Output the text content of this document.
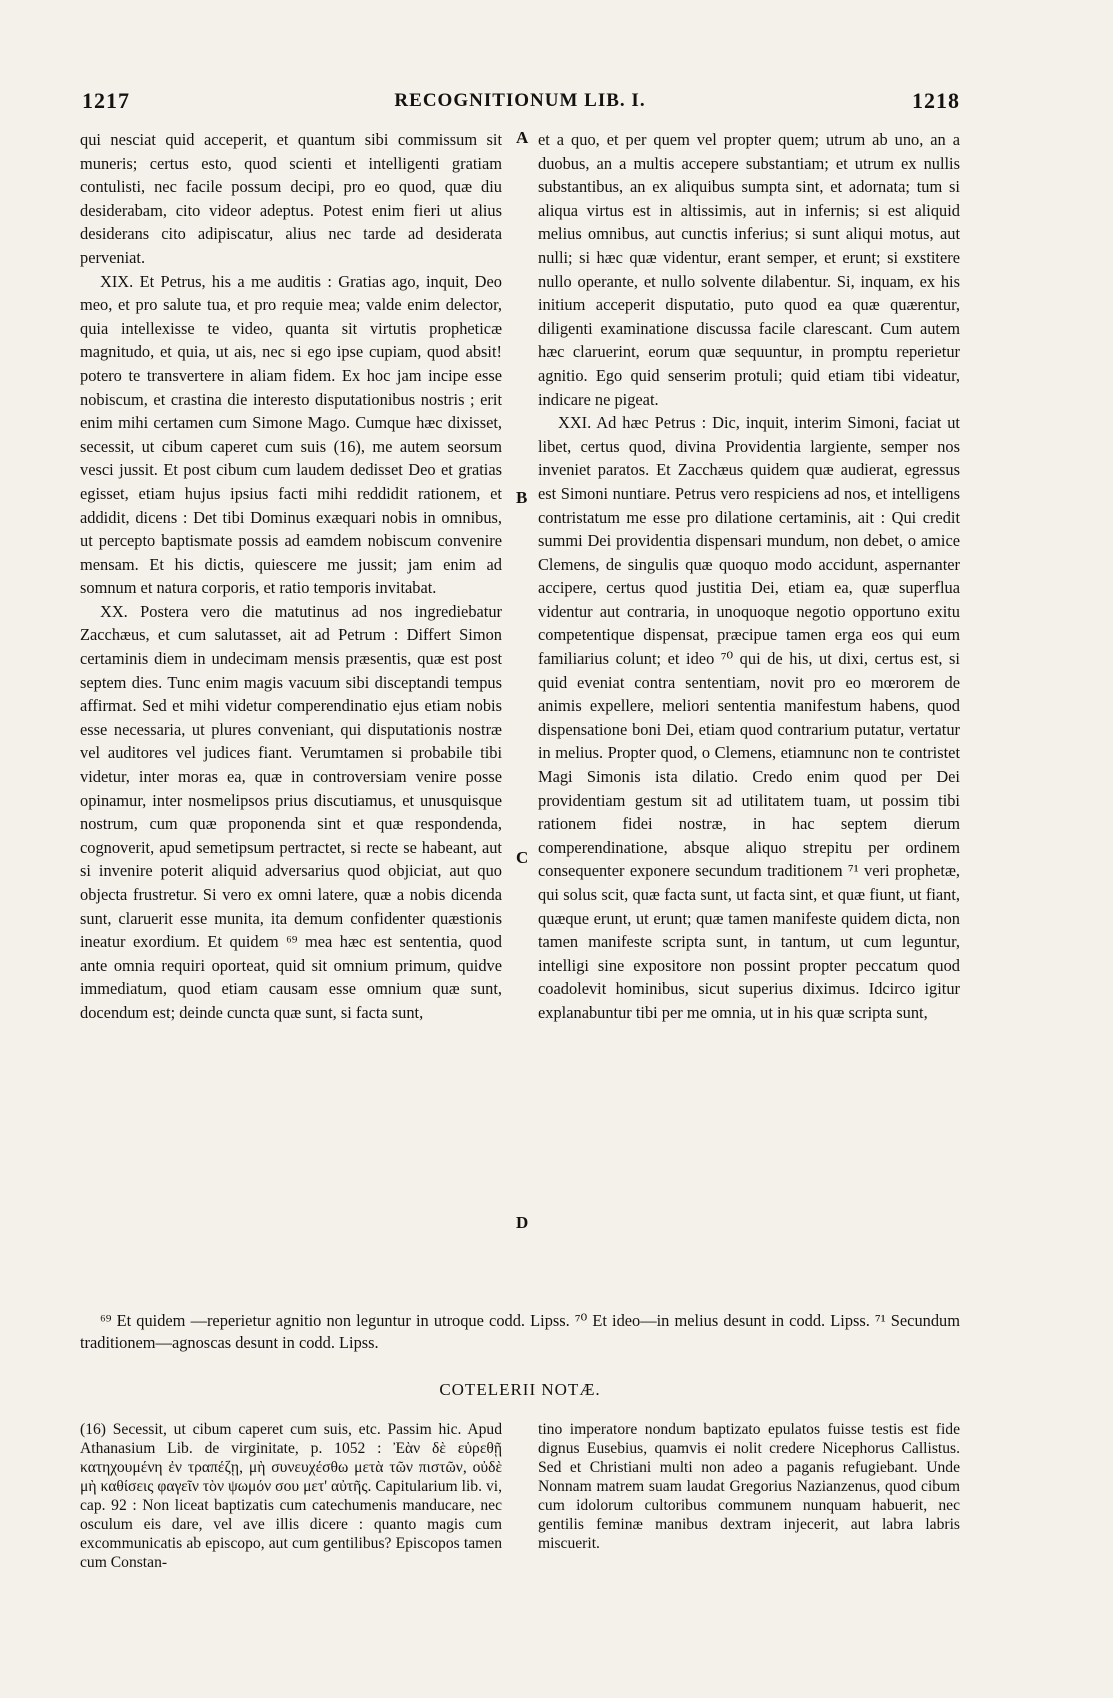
1217	RECOGNITIONUM LIB. I.	1218

qui nesciat quid acceperit, et quantum sibi commissum sit muneris; certus esto, quod scienti et intelligenti gratiam contulisti, nec facile possum decipi, pro eo quod, quæ diu desiderabam, cito videor adeptus. Potest enim fieri ut alius desiderans cito adipiscatur, alius nec tarde ad desiderata perveniat.

XIX. Et Petrus, his a me auditis : Gratias ago, inquit, Deo meo, et pro salute tua, et pro requie mea; valde enim delector, quia intellexisse te video, quanta sit virtutis propheticæ magnitudo, et quia, ut ais, nec si ego ipse cupiam, quod absit! potero te transvertere in aliam fidem. Ex hoc jam incipe esse nobiscum, et crastina die interesto disputationibus nostris ; erit enim mihi certamen cum Simone Mago. Cumque hæc dixisset, secessit, ut cibum caperet cum suis (16), me autem seorsum vesci jussit. Et post cibum cum laudem dedisset Deo et gratias egisset, etiam hujus ipsius facti mihi reddidit rationem, et addidit, dicens : Det tibi Dominus exæquari nobis in omnibus, ut percepto baptismate possis ad eamdem nobiscum convenire mensam. Et his dictis, quiescere me jussit; jam enim ad somnum et natura corporis, et ratio temporis invitabat.

XX. Postera vero die matutinus ad nos ingrediebatur Zacchæus, et cum salutasset, ait ad Petrum : Differt Simon certaminis diem in undecimam mensis præsentis, quæ est post septem dies. Tunc enim magis vacuum sibi disceptandi tempus affirmat. Sed et mihi videtur comperendinatio ejus etiam nobis esse necessaria, ut plures conveniant, qui disputationis nostræ vel auditores vel judices fiant. Verumtamen si probabile tibi videtur, inter moras ea, quæ in controversiam venire posse opinamur, inter nosmelipsos prius discutiamus, et unusquisque nostrum, cum quæ proponenda sint et quæ respondenda, cognoverit, apud semetipsum pertractet, si recte se habeant, aut si invenire poterit aliquid adversarius quod objiciat, aut quo objecta frustretur. Si vero ex omni latere, quæ a nobis dicenda sunt, claruerit esse munita, ita demum confidenter quæstionis ineatur exordium. Et quidem ⁶⁹ mea hæc est sententia, quod ante omnia requiri oporteat, quid sit omnium primum, quidve immediatum, quod etiam causam esse omnium quæ sunt, docendum est; deinde cuncta quæ sunt, si facta sunt,

A
B
C
D

et a quo, et per quem vel propter quem; utrum ab uno, an a duobus, an a multis accepere substantiam; et utrum ex nullis substantibus, an ex aliquibus sumpta sint, et adornata; tum si aliqua virtus est in altissimis, aut in infernis; si est aliquid melius omnibus, aut cunctis inferius; si sunt aliqui motus, aut nulli; si hæc quæ videntur, erant semper, et erunt; si exstitere nullo operante, et nullo solvente dilabentur. Si, inquam, ex his initium acceperit disputatio, puto quod ea quæ quærentur, diligenti examinatione discussa facile clarescant. Cum autem hæc claruerint, eorum quæ sequuntur, in promptu reperietur agnitio. Ego quid senserim protuli; quid etiam tibi videatur, indicare ne pigeat.

XXI. Ad hæc Petrus : Dic, inquit, interim Simoni, faciat ut libet, certus quod, divina Providentia largiente, semper nos inveniet paratos. Et Zacchæus quidem quæ audierat, egressus est Simoni nuntiare. Petrus vero respiciens ad nos, et intelligens contristatum me esse pro dilatione certaminis, ait : Qui credit summi Dei providentia dispensari mundum, non debet, o amice Clemens, de singulis quæ quoquo modo accidunt, aspernanter accipere, certus quod justitia Dei, etiam ea, quæ superflua videntur aut contraria, in unoquoque negotio opportuno exitu competentique dispensat, præcipue tamen erga eos qui eum familiarius colunt; et ideo ⁷⁰ qui de his, ut dixi, certus est, si quid eveniat contra sententiam, novit pro eo mœrorem de animis expellere, meliori sententia manifestum habens, quod dispensatione boni Dei, etiam quod contrarium putatur, vertatur in melius. Propter quod, o Clemens, etiamnunc non te contristet Magi Simonis ista dilatio. Credo enim quod per Dei providentiam gestum sit ad utilitatem tuam, ut possim tibi rationem fidei nostræ, in hac septem dierum comperendinatione, absque aliquo strepitu per ordinem consequenter exponere secundum traditionem ⁷¹ veri prophetæ, qui solus scit, quæ facta sunt, ut facta sint, et quæ fiunt, ut fiant, quæque erunt, ut erunt; quæ tamen manifeste quidem dicta, non tamen manifeste scripta sunt, in tantum, ut cum leguntur, intelligi sine expositore non possint propter peccatum quod coadolevit hominibus, sicut superius diximus. Idcirco igitur explanabuntur tibi per me omnia, ut in his quæ scripta sunt,

⁶⁹ Et quidem —reperietur agnitio non leguntur in utroque codd. Lipss. ⁷⁰ Et ideo—in melius desunt in codd. Lipss. ⁷¹ Secundum traditionem—agnoscas desunt in codd. Lipss.

COTELERII NOTÆ.

(16) Secessit, ut cibum caperet cum suis, etc. Passim hic. Apud Athanasium Lib. de virginitate, p. 1052 : Ἐὰν δὲ εὑρεθῇ κατηχουμένη ἐν τραπέζῃ, μὴ συνευχέσθω μετὰ τῶν πιστῶν, οὐδὲ μὴ καθίσεις φαγεῖν τὸν ψωμόν σου μετ' αὐτῆς. Capitularium lib. vi, cap. 92 : Non liceat baptizatis cum catechumenis manducare, nec osculum eis dare, vel ave illis dicere : quanto magis cum excommunicatis ab episcopo, aut cum gentilibus? Episcopos tamen cum Constan-

tino imperatore nondum baptizato epulatos fuisse testis est fide dignus Eusebius, quamvis ei nolit credere Nicephorus Callistus. Sed et Christiani multi non adeo a paganis refugiebant. Unde Nonnam matrem suam laudat Gregorius Nazianzenus, quod cibum cum idolorum cultoribus communem nunquam habuerit, nec gentilis feminæ manibus dextram injecerit, aut labra labris miscuerit.
